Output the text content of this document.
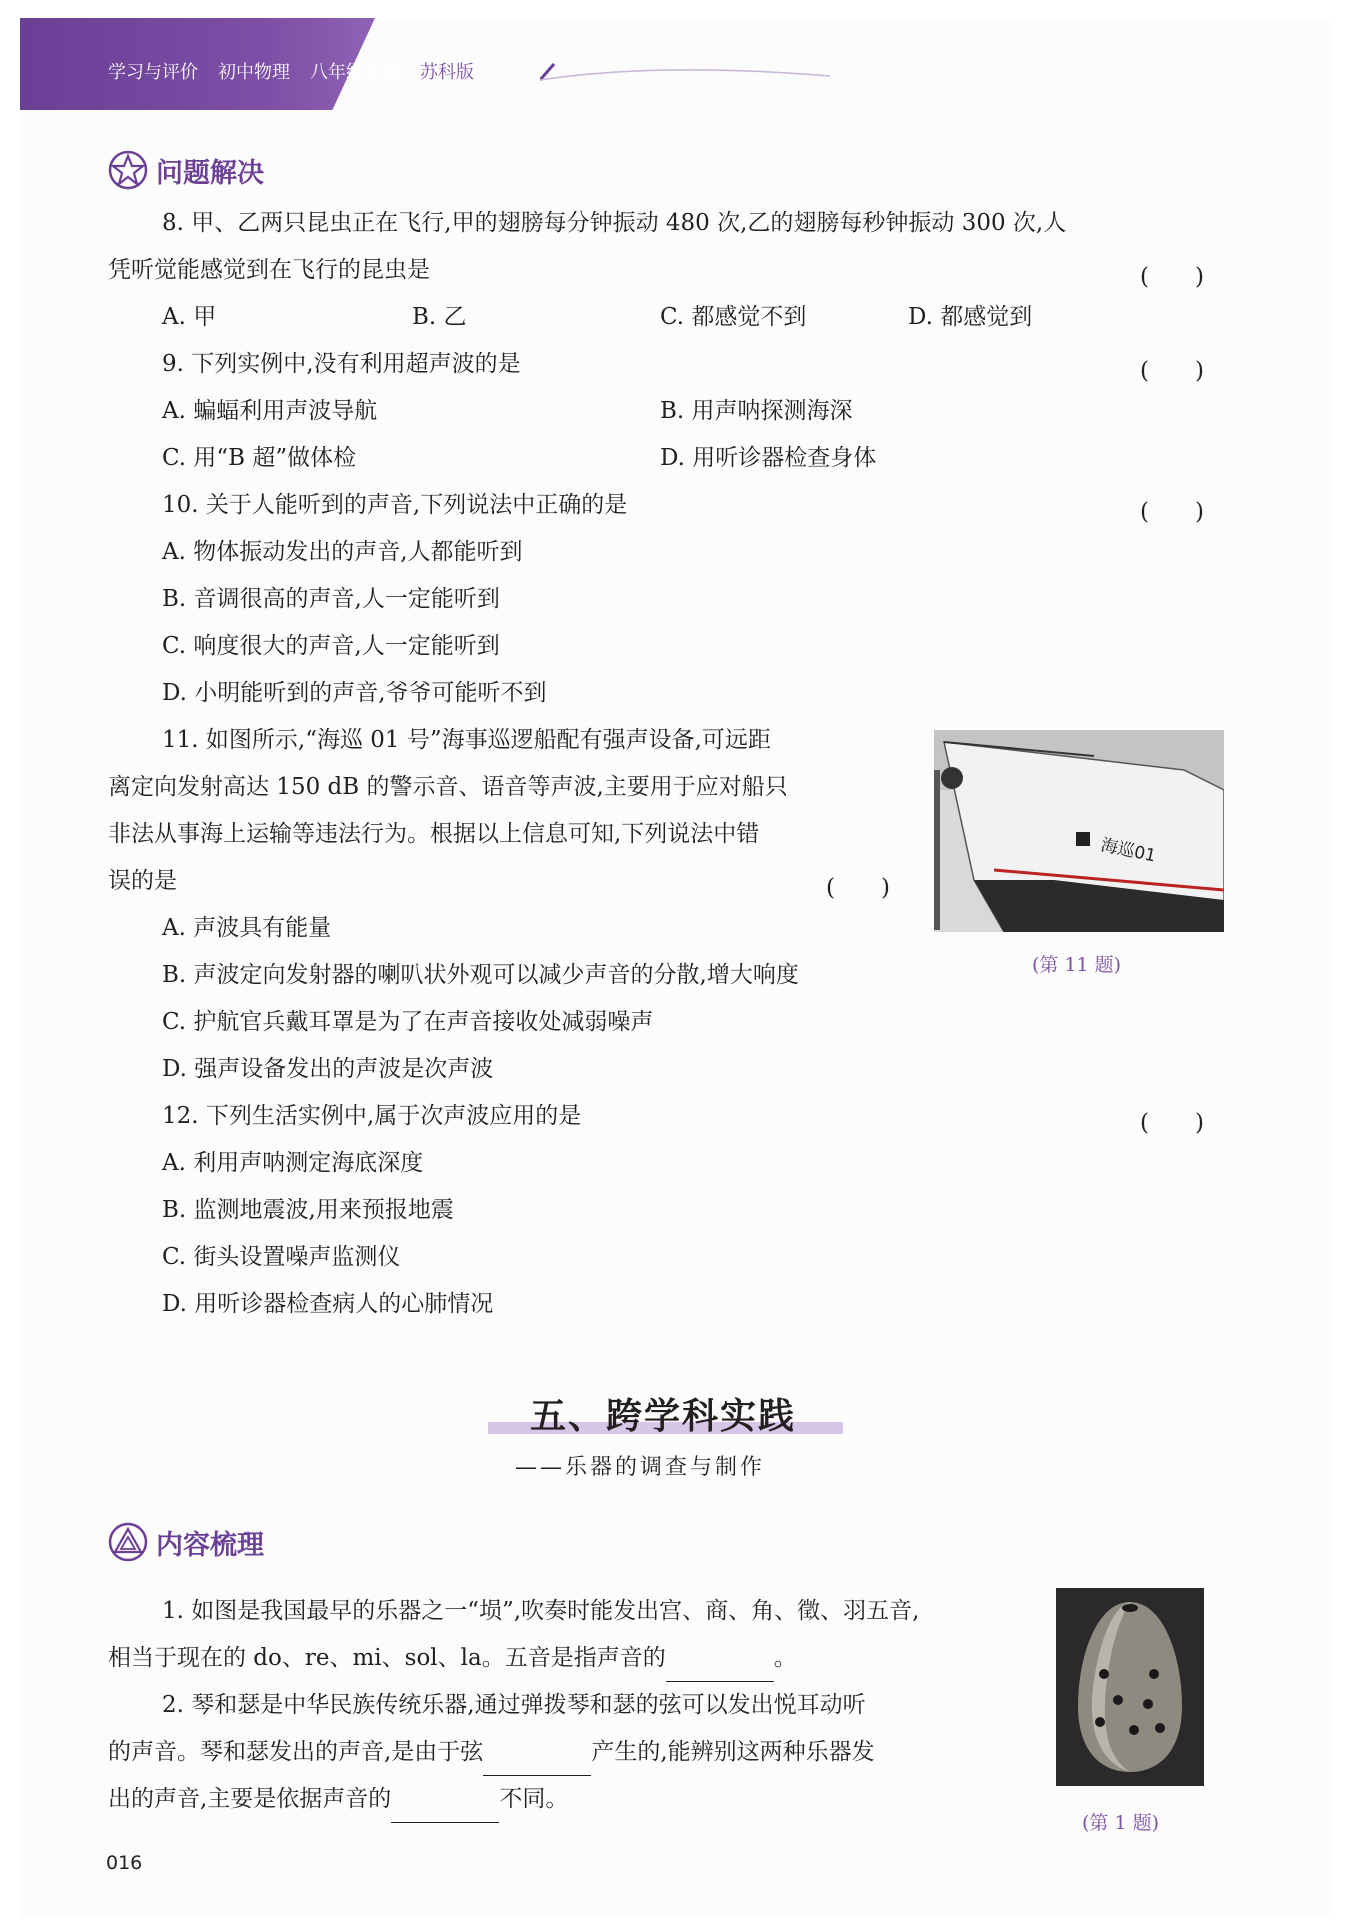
学习与评价 初中物理 八年级上册 苏科版
问题解决
8. 甲、乙两只昆虫正在飞行,甲的翅膀每分钟振动 480 次,乙的翅膀每秒钟振动 300 次,人
凭听觉能感觉到在飞行的昆虫是	(　　)
A. 甲	B. 乙	C. 都感觉不到	D. 都感觉到
9. 下列实例中,没有利用超声波的是	(　　)
A. 蝙蝠利用声波导航	B. 用声呐探测海深
C. 用“B 超”做体检	D. 用听诊器检查身体
10. 关于人能听到的声音,下列说法中正确的是	(　　)
A. 物体振动发出的声音,人都能听到
B. 音调很高的声音,人一定能听到
C. 响度很大的声音,人一定能听到
D. 小明能听到的声音,爷爷可能听不到
11. 如图所示,“海巡 01 号”海事巡逻船配有强声设备,可远距
离定向发射高达 150 dB 的警示音、语音等声波,主要用于应对船只
非法从事海上运输等违法行为。根据以上信息可知,下列说法中错
误的是	(　　)
A. 声波具有能量
B. 声波定向发射器的喇叭状外观可以减少声音的分散,增大响度
C. 护航官兵戴耳罩是为了在声音接收处减弱噪声
D. 强声设备发出的声波是次声波
海巡01
(第 11 题)
12. 下列生活实例中,属于次声波应用的是	(　　)
A. 利用声呐测定海底深度
B. 监测地震波,用来预报地震
C. 街头设置噪声监测仪
D. 用听诊器检查病人的心肺情况
五、跨学科实践
——乐器的调查与制作
内容梳理
1. 如图是我国最早的乐器之一“埙”,吹奏时能发出宫、商、角、徵、羽五音,
相当于现在的 do、re、mi、sol、la。五音是指声音的	。
2. 琴和瑟是中华民族传统乐器,通过弹拨琴和瑟的弦可以发出悦耳动听
的声音。琴和瑟发出的声音,是由于弦	产生的,能辨别这两种乐器发
出的声音,主要是依据声音的	不同。
(第 1 题)
016
